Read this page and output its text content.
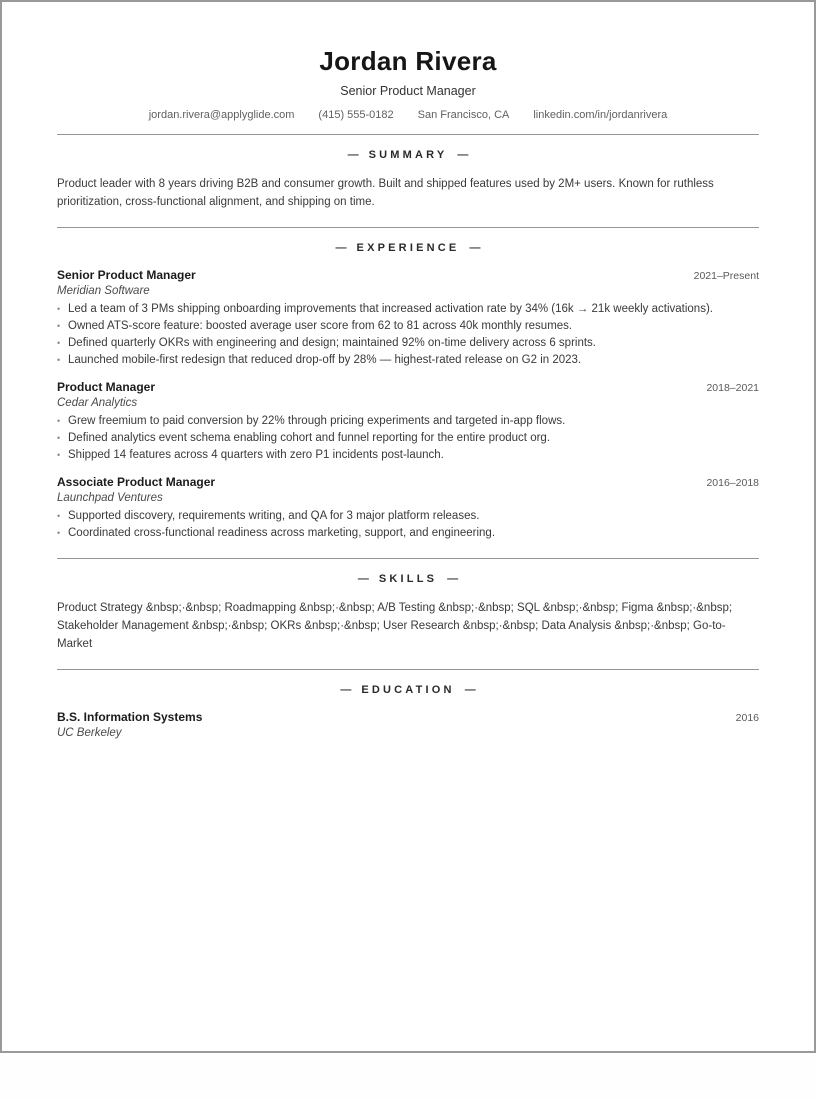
Jordan Rivera
Senior Product Manager
jordan.rivera@applyglide.com (415) 555-0182 San Francisco, CA linkedin.com/in/jordanrivera
— SUMMARY —
Product leader with 8 years driving B2B and consumer growth. Built and shipped features used by 2M+ users. Known for ruthless prioritization, cross-functional alignment, and shipping on time.
— EXPERIENCE —
Senior Product Manager	2021–Present
Meridian Software
• Led a team of 3 PMs shipping onboarding improvements that increased activation rate by 34% (16k → 21k weekly activations).
• Owned ATS-score feature: boosted average user score from 62 to 81 across 40k monthly resumes.
• Defined quarterly OKRs with engineering and design; maintained 92% on-time delivery across 6 sprints.
• Launched mobile-first redesign that reduced drop-off by 28% — highest-rated release on G2 in 2023.
Product Manager	2018–2021
Cedar Analytics
• Grew freemium to paid conversion by 22% through pricing experiments and targeted in-app flows.
• Defined analytics event schema enabling cohort and funnel reporting for the entire product org.
• Shipped 14 features across 4 quarters with zero P1 incidents post-launch.
Associate Product Manager	2016–2018
Launchpad Ventures
• Supported discovery, requirements writing, and QA for 3 major platform releases.
• Coordinated cross-functional readiness across marketing, support, and engineering.
— SKILLS —
Product Strategy &nbsp;·&nbsp; Roadmapping &nbsp;·&nbsp; A/B Testing &nbsp;·&nbsp; SQL &nbsp;·&nbsp; Figma &nbsp;·&nbsp; Stakeholder Management &nbsp;·&nbsp; OKRs &nbsp;·&nbsp; User Research &nbsp;·&nbsp; Data Analysis &nbsp;·&nbsp; Go-to-Market
— EDUCATION —
B.S. Information Systems	2016
UC Berkeley
